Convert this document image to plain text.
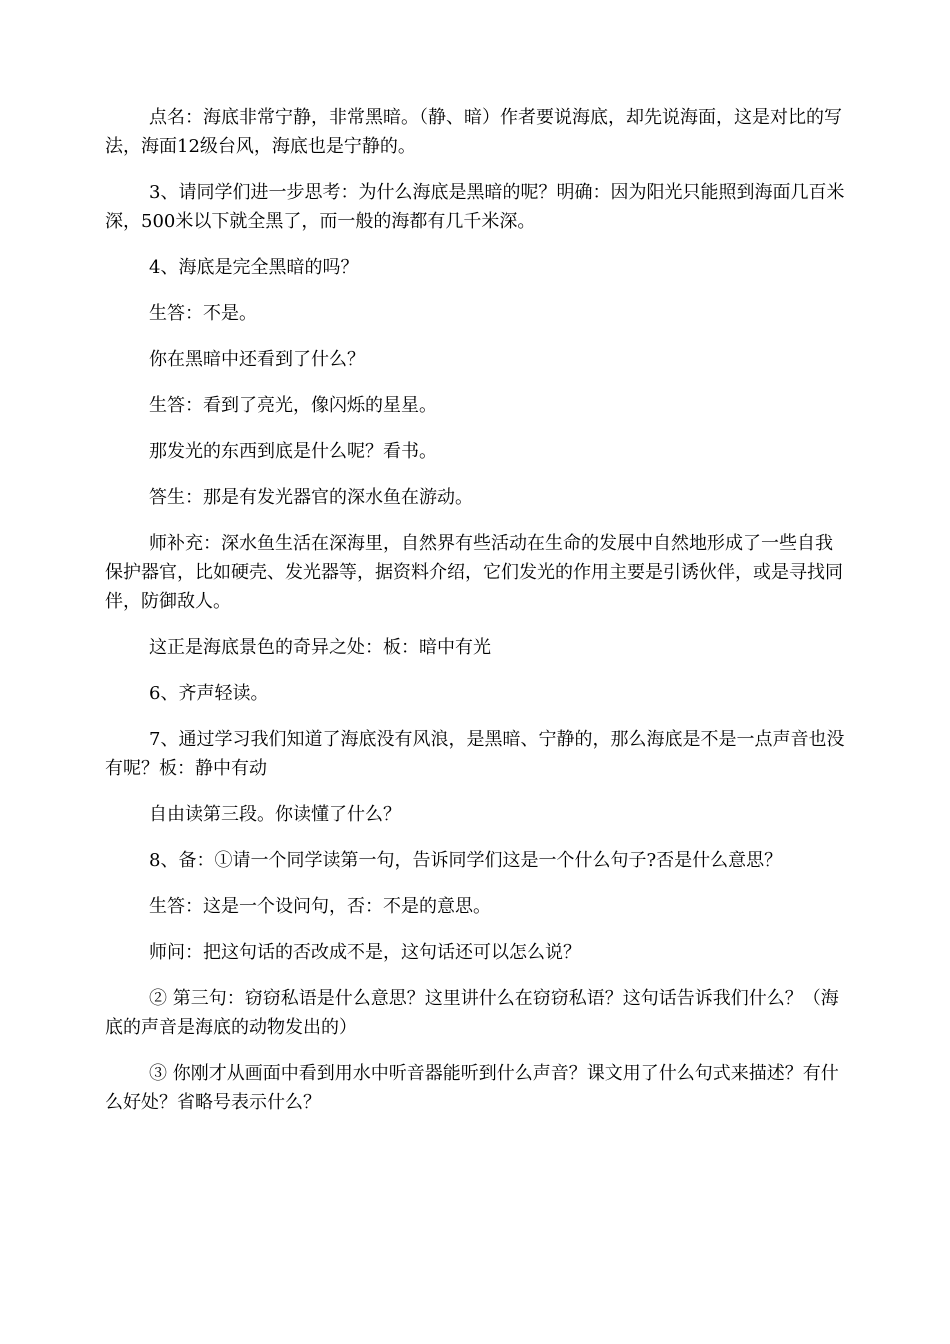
点名：海底非常宁静，非常黑暗。（静、暗）作者要说海底，却先说海面，这是对比的写法，海面12级台风，海底也是宁静的。

3、请同学们进一步思考：为什么海底是黑暗的呢？明确：因为阳光只能照到海面几百米深，500米以下就全黑了，而一般的海都有几千米深。

4、海底是完全黑暗的吗？

生答：不是。

你在黑暗中还看到了什么？

生答：看到了亮光，像闪烁的星星。

那发光的东西到底是什么呢？看书。

答生：那是有发光器官的深水鱼在游动。

师补充：深水鱼生活在深海里，自然界有些活动在生命的发展中自然地形成了一些自我保护器官，比如硬壳、发光器等，据资料介绍，它们发光的作用主要是引诱伙伴，或是寻找同伴，防御敌人。

这正是海底景色的奇异之处：板：暗中有光

6、齐声轻读。

7、通过学习我们知道了海底没有风浪，是黑暗、宁静的，那么海底是不是一点声音也没有呢？板：静中有动

自由读第三段。你读懂了什么？

8、备：①请一个同学读第一句，告诉同学们这是一个什么句子?否是什么意思？

生答：这是一个设问句，否：不是的意思。

师问：把这句话的否改成不是，这句话还可以怎么说？

② 第三句：窃窃私语是什么意思？这里讲什么在窃窃私语？这句话告诉我们什么？（海底的声音是海底的动物发出的）

③ 你刚才从画面中看到用水中听音器能听到什么声音？课文用了什么句式来描述？有什么好处？省略号表示什么？
